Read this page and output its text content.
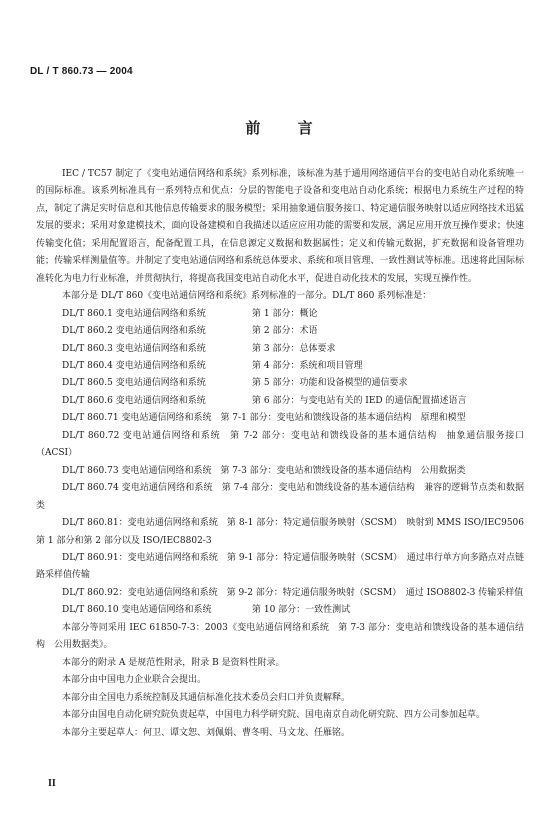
DL / T 860.73 — 2004
前 言

IEC / TC57 制定了《变电站通信网络和系统》系列标准，该标准为基于通用网络通信平台的变电站自动化系统唯一的国际标准。该系列标准具有一系列特点和优点：分层的智能电子设备和变电站自动化系统；根据电力系统生产过程的特点，制定了满足实时信息和其他信息传输要求的服务模型；采用抽象通信服务接口、特定通信服务映射以适应网络技术迅猛发展的要求；采用对象建模技术，面向设备建模和自我描述以适应应用功能的需要和发展，满足应用开放互操作要求；快速传输变化值；采用配置语言，配备配置工具，在信息源定义数据和数据属性；定义和传输元数据，扩充数据和设备管理功能；传输采样测量值等。并制定了变电站通信网络和系统总体要求、系统和项目管理、一致性测试等标准。迅速将此国际标准转化为电力行业标准，并贯彻执行，将提高我国变电站自动化水平，促进自动化技术的发展，实现互操作性。

本部分是 DL/T 860《变电站通信网络和系统》系列标准的一部分。DL/T 860 系列标准是：

DL/T 860.1 变电站通信网络和系统	第 1 部分：概论

DL/T 860.2 变电站通信网络和系统	第 2 部分：术语

DL/T 860.3 变电站通信网络和系统	第 3 部分：总体要求

DL/T 860.4 变电站通信网络和系统	第 4 部分：系统和项目管理

DL/T 860.5 变电站通信网络和系统	第 5 部分：功能和设备模型的通信要求

DL/T 860.6 变电站通信网络和系统	第 6 部分：与变电站有关的 IED 的通信配置描述语言

DL/T 860.71 变电站通信网络和系统　第 7-1 部分：变电站和馈线设备的基本通信结构　原理和模型

DL/T 860.72 变电站通信网络和系统　第 7-2 部分：变电站和馈线设备的基本通信结构　抽象通信服务接口（ACSI）

DL/T 860.73 变电站通信网络和系统　第 7-3 部分：变电站和馈线设备的基本通信结构　公用数据类

DL/T 860.74 变电站通信网络和系统　第 7-4 部分：变电站和馈线设备的基本通信结构　兼容的逻辑节点类和数据类

DL/T 860.81：变电站通信网络和系统　第 8-1 部分：特定通信服务映射（SCSM）　映射到 MMS ISO/IEC9506 第 1 部分和第 2 部分以及 ISO/IEC8802-3

DL/T 860.91：变电站通信网络和系统　第 9-1 部分：特定通信服务映射（SCSM）　通过串行单方向多路点对点链路采样值传输

DL/T 860.92：变电站通信网络和系统　第 9-2 部分：特定通信服务映射（SCSM）　通过 ISO8802-3 传输采样值

DL/T 860.10 变电站通信网络和系统	第 10 部分：一致性测试

本部分等同采用 IEC 61850-7-3：2003《变电站通信网络和系统　第 7-3 部分：变电站和馈线设备的基本通信结构　公用数据类》。

本部分的附录 A 是规范性附录，附录 B 是资料性附录。

本部分由中国电力企业联合会提出。

本部分由全国电力系统控制及其通信标准化技术委员会归口并负责解释。

本部分由国电自动化研究院负责起草，中国电力科学研究院、国电南京自动化研究院、四方公司参加起草。

本部分主要起草人：何卫、谭文恕、刘佩娟、曹冬明、马文龙、任雁铭。

II
